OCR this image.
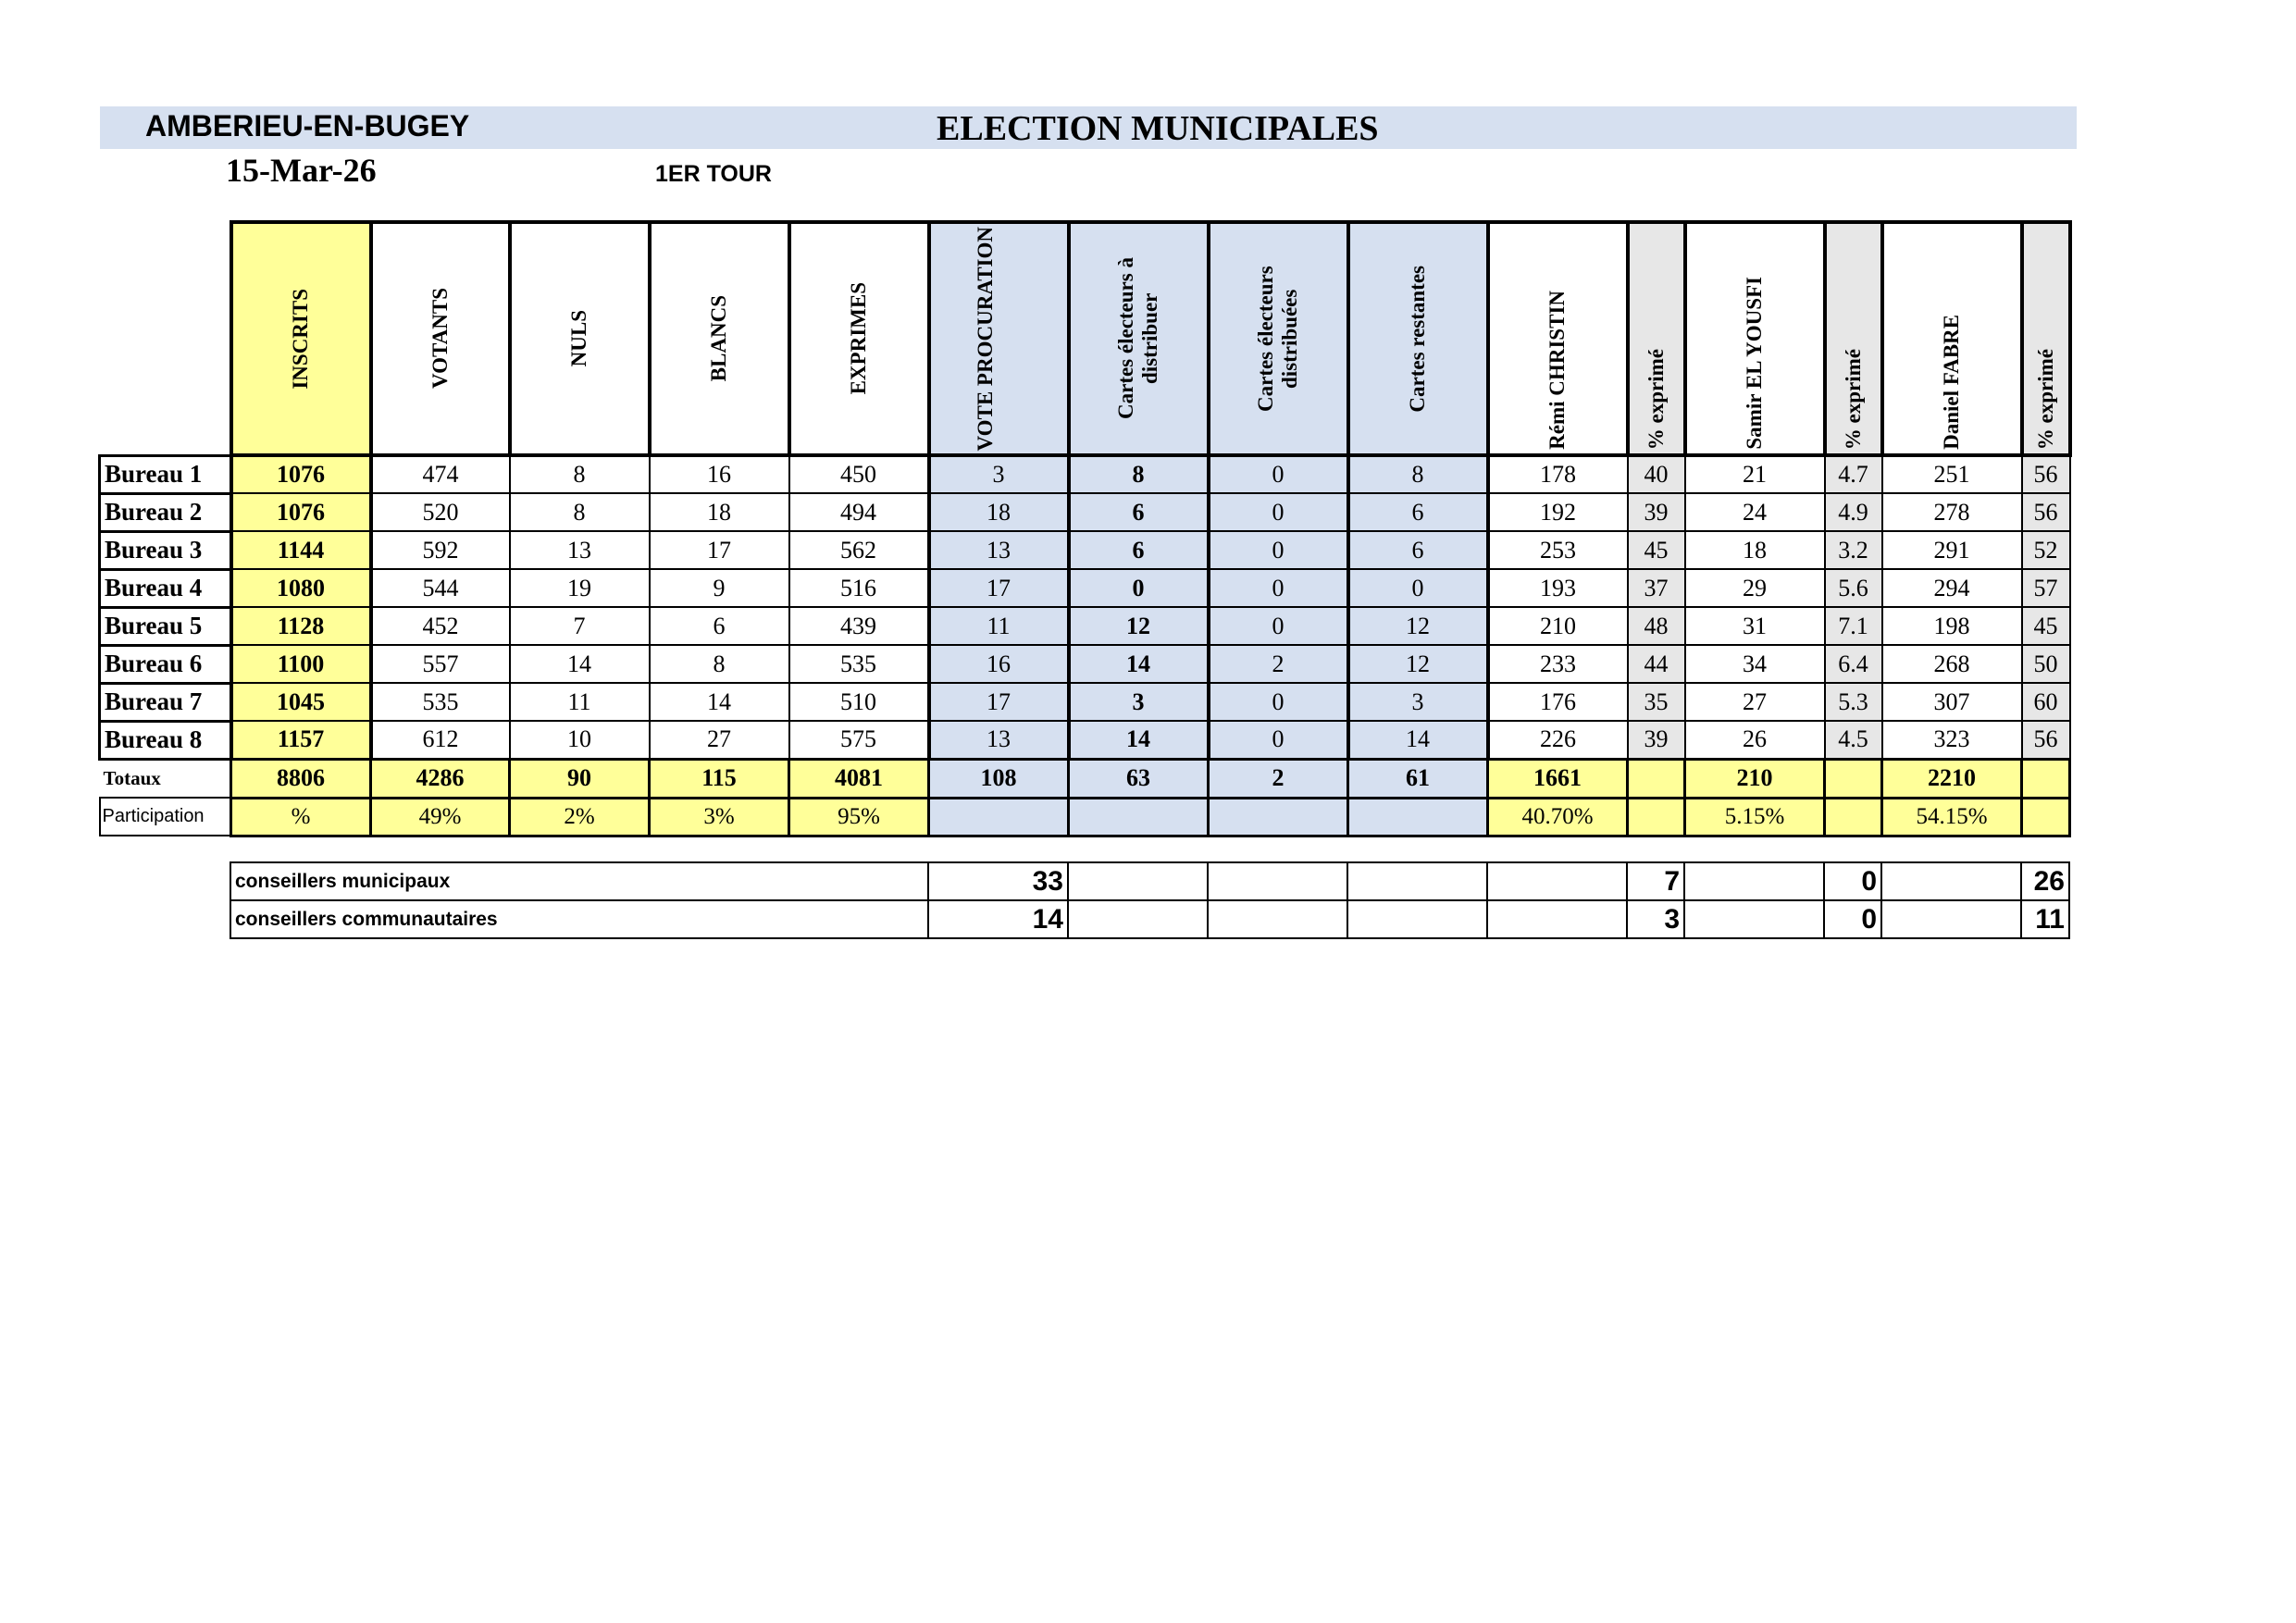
AMBERIEU-EN-BUGEY	ELECTION MUNICIPALES
15-Mar-26	1ER TOUR

	INSCRITS	VOTANTS	NULS	BLANCS	EXPRIMES	VOTE PROCURATION	Cartes électeurs à distribuer	Cartes électeurs distribuées	Cartes restantes	Rémi CHRISTIN	% exprimé	Samir EL YOUSFI	% exprimé	Daniel FABRE	% exprimé

Bureau 1	1076	474	8	16	450	3	8	0	8	178	40	21	4.7	251	56
Bureau 2	1076	520	8	18	494	18	6	0	6	192	39	24	4.9	278	56
Bureau 3	1144	592	13	17	562	13	6	0	6	253	45	18	3.2	291	52
Bureau 4	1080	544	19	9	516	17	0	0	0	193	37	29	5.6	294	57
Bureau 5	1128	452	7	6	439	11	12	0	12	210	48	31	7.1	198	45
Bureau 6	1100	557	14	8	535	16	14	2	12	233	44	34	6.4	268	50
Bureau 7	1045	535	11	14	510	17	3	0	3	176	35	27	5.3	307	60
Bureau 8	1157	612	10	27	575	13	14	0	14	226	39	26	4.5	323	56
Totaux	8806	4286	90	115	4081	108	63	2	61	1661		210		2210	
Participation	%	49%	2%	3%	95%					40.70%		5.15%		54.15%	
conseillers municipaux	33					7		0		26
conseillers communautaires	14					3		0		11
